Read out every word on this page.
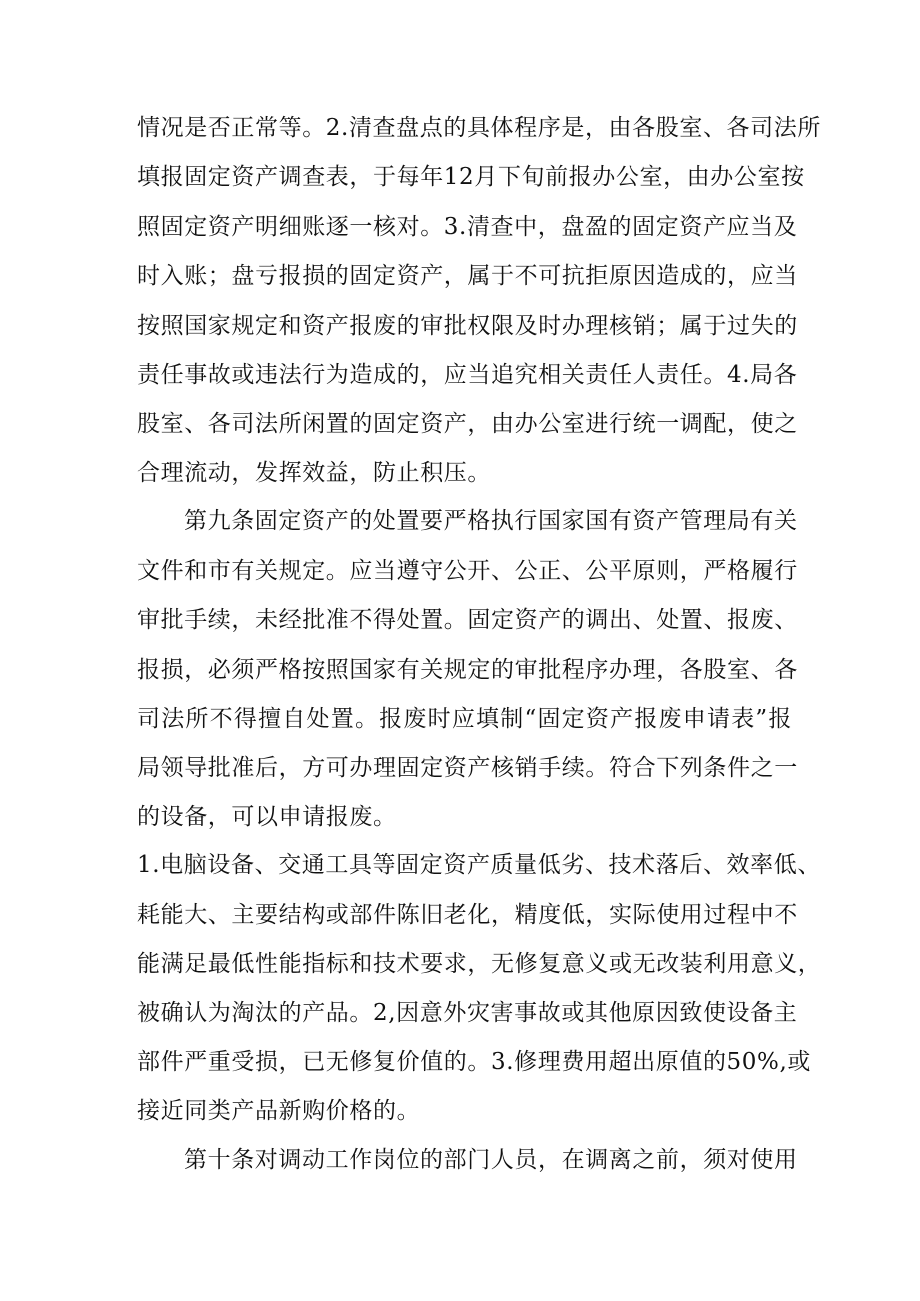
情况是否正常等。2.清查盘点的具体程序是，由各股室、各司法所
填报固定资产调查表，于每年12月下旬前报办公室，由办公室按
照固定资产明细账逐一核对。3.清查中，盘盈的固定资产应当及
时入账；盘亏报损的固定资产，属于不可抗拒原因造成的，应当
按照国家规定和资产报废的审批权限及时办理核销；属于过失的
责任事故或违法行为造成的，应当追究相关责任人责任。4.局各
股室、各司法所闲置的固定资产，由办公室进行统一调配，使之
合理流动，发挥效益，防止积压。
第九条固定资产的处置要严格执行国家国有资产管理局有关
文件和市有关规定。应当遵守公开、公正、公平原则，严格履行
审批手续，未经批准不得处置。固定资产的调出、处置、报废、
报损，必须严格按照国家有关规定的审批程序办理，各股室、各
司法所不得擅自处置。报废时应填制“固定资产报废申请表”报
局领导批准后，方可办理固定资产核销手续。符合下列条件之一
的设备，可以申请报废。
1.电脑设备、交通工具等固定资产质量低劣、技术落后、效率低、
耗能大、主要结构或部件陈旧老化，精度低，实际使用过程中不
能满足最低性能指标和技术要求，无修复意义或无改装利用意义，
被确认为淘汰的产品。2,因意外灾害事故或其他原因致使设备主
部件严重受损，已无修复价值的。3.修理费用超出原值的50%,或
接近同类产品新购价格的。
第十条对调动工作岗位的部门人员，在调离之前，须对使用
